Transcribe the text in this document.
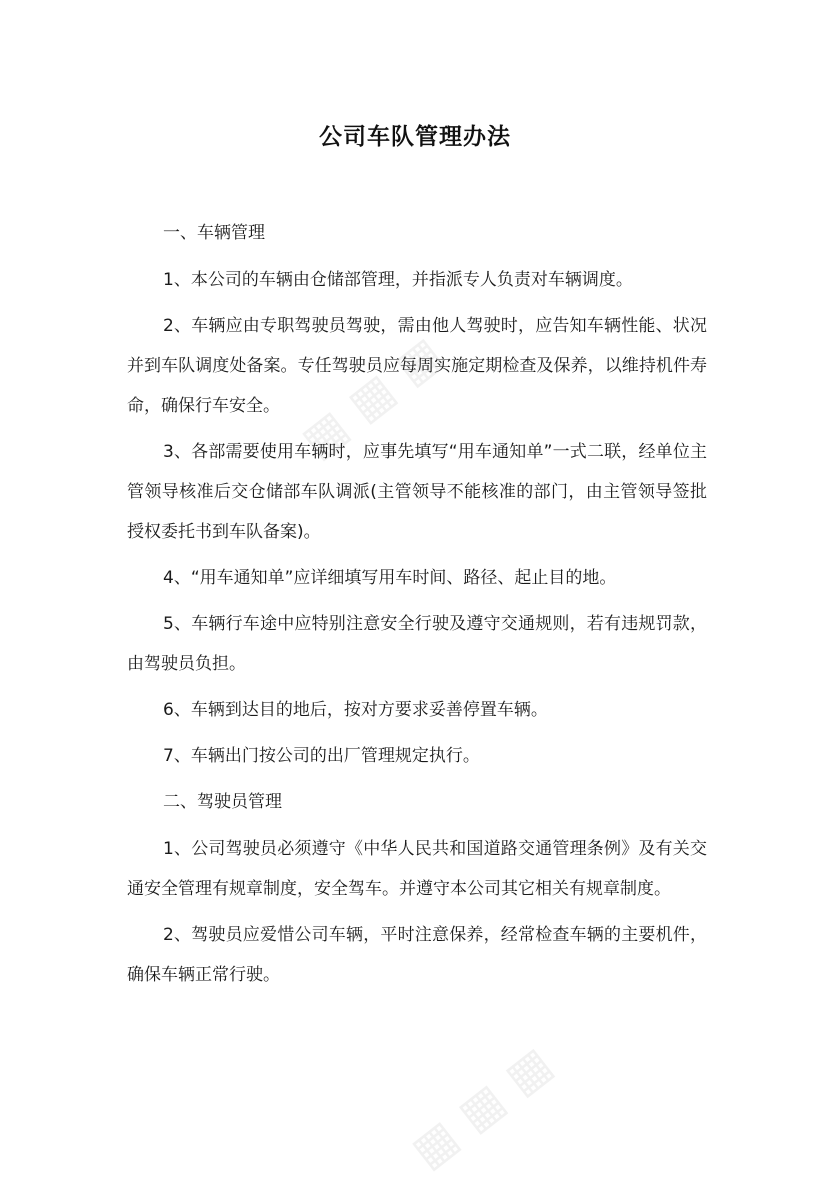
▦ ▦ ▦
▦ ▦ ▦
公司车队管理办法

一、车辆管理

1、本公司的车辆由仓储部管理，并指派专人负责对车辆调度。

2、车辆应由专职驾驶员驾驶，需由他人驾驶时，应告知车辆性能、状况并到车队调度处备案。专任驾驶员应每周实施定期检查及保养，以维持机件寿命，确保行车安全。

3、各部需要使用车辆时，应事先填写“用车通知单”一式二联，经单位主管领导核准后交仓储部车队调派(主管领导不能核准的部门，由主管领导签批授权委托书到车队备案)。

4、“用车通知单”应详细填写用车时间、路径、起止目的地。

5、车辆行车途中应特别注意安全行驶及遵守交通规则，若有违规罚款，由驾驶员负担。

6、车辆到达目的地后，按对方要求妥善停置车辆。

7、车辆出门按公司的出厂管理规定执行。

二、驾驶员管理

1、公司驾驶员必须遵守《中华人民共和国道路交通管理条例》及有关交通安全管理有规章制度，安全驾车。并遵守本公司其它相关有规章制度。

2、驾驶员应爱惜公司车辆，平时注意保养，经常检查车辆的主要机件，确保车辆正常行驶。
